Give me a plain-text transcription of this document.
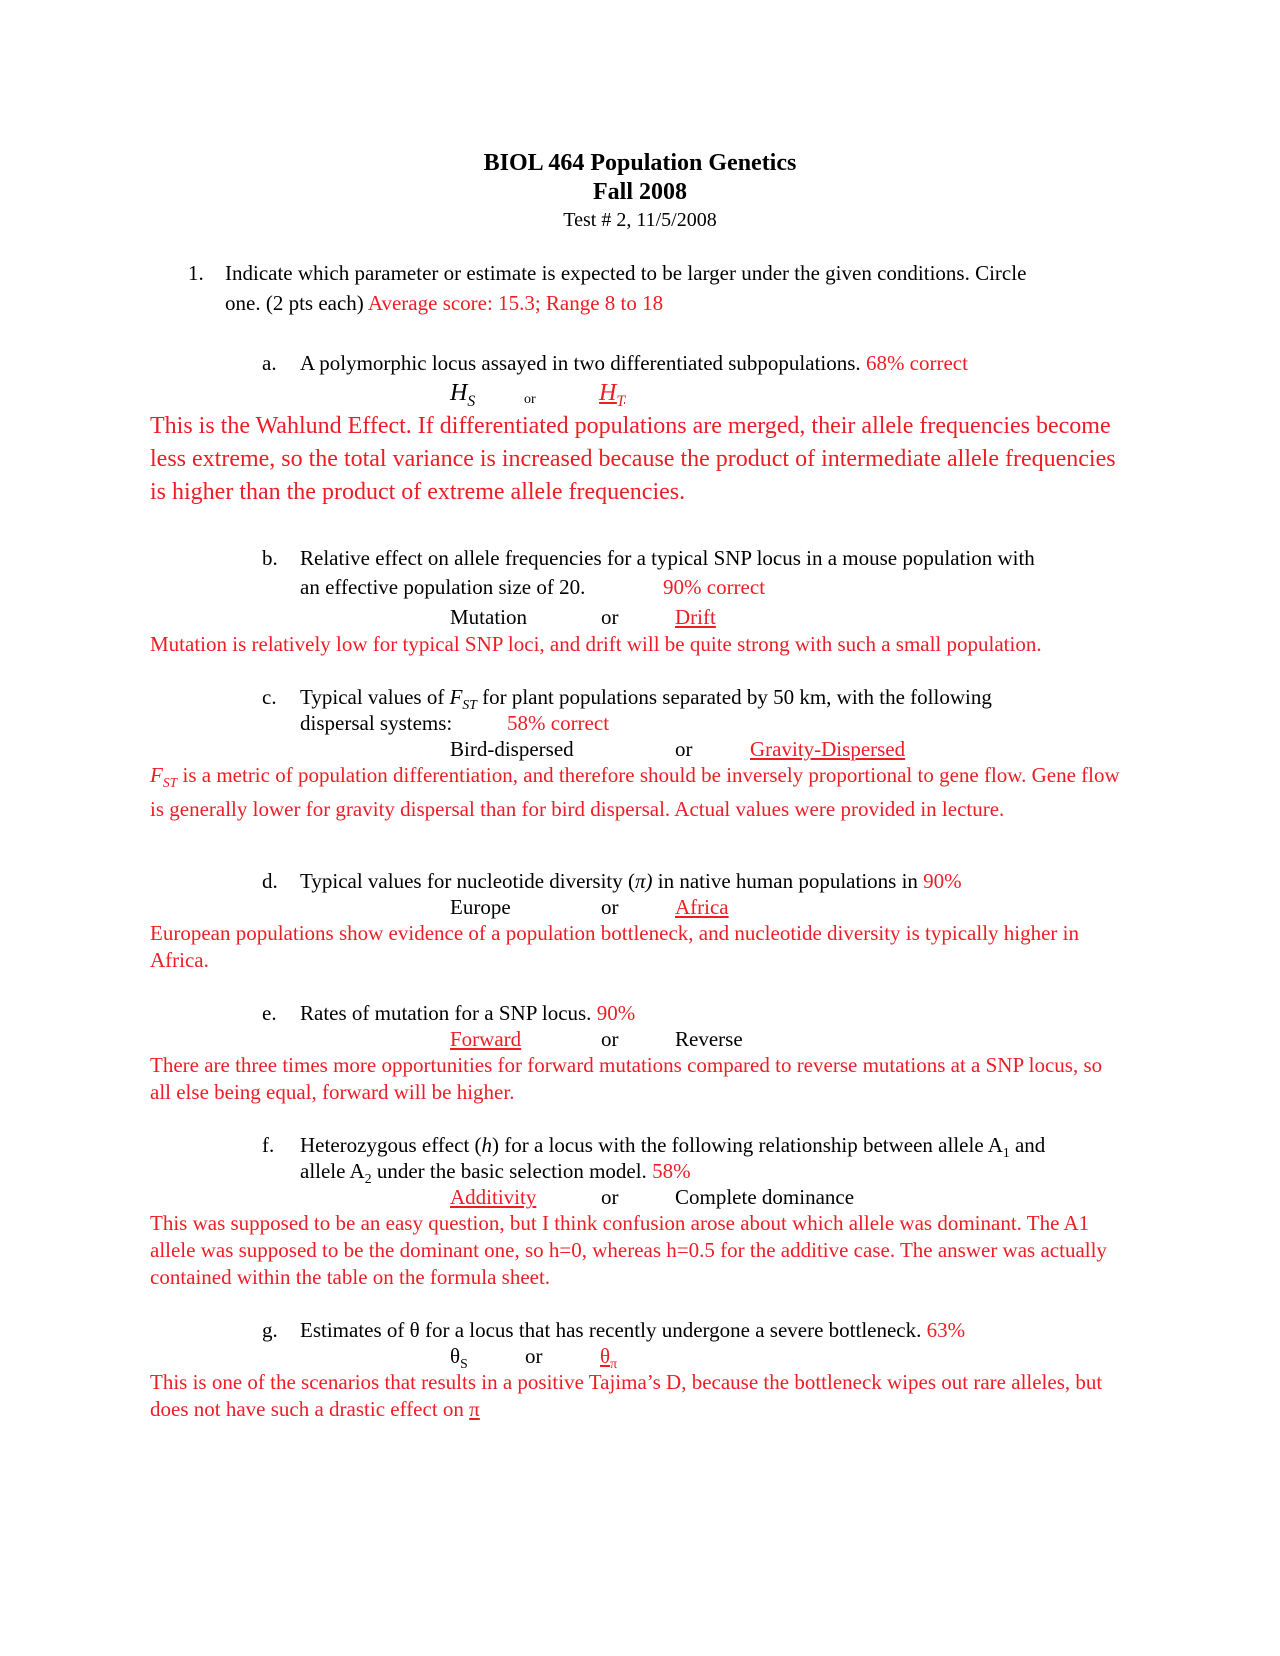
BIOL 464 Population Genetics
Fall 2008
Test # 2, 11/5/2008
1. Indicate which parameter or estimate is expected to be larger under the given conditions. Circle
one. (2 pts each) Average score: 15.3; Range 8 to 18
a. A polymorphic locus assayed in two differentiated subpopulations. 68% correct
$H_S$	or	$H_T$
This is the Wahlund Effect. If differentiated populations are merged, their allele frequencies become less extreme, so the total variance is increased because the product of intermediate allele frequencies is higher than the product of extreme allele frequencies.
b. Relative effect on allele frequencies for a typical SNP locus in a mouse population with
an effective population size of 20.	90% correct
Mutation	or	Drift
Mutation is relatively low for typical SNP loci, and drift will be quite strong with such a small population.
c. Typical values of $F_{ST}$ for plant populations separated by 50 km, with the following
dispersal systems:	58% correct
Bird-dispersed	or	Gravity-Dispersed
$F_{ST}$ is a metric of population differentiation, and therefore should be inversely proportional to gene flow. Gene flow is generally lower for gravity dispersal than for bird dispersal. Actual values were provided in lecture.
d. Typical values for nucleotide diversity (π) in native human populations in 90%
Europe	or	Africa
European populations show evidence of a population bottleneck, and nucleotide diversity is typically higher in Africa.
e. Rates of mutation for a SNP locus. 90%
Forward	or	Reverse
There are three times more opportunities for forward mutations compared to reverse mutations at a SNP locus, so all else being equal, forward will be higher.
f. Heterozygous effect (h) for a locus with the following relationship between allele $A_1$ and
allele $A_2$ under the basic selection model. 58%
Additivity	or	Complete dominance
This was supposed to be an easy question, but I think confusion arose about which allele was dominant. The A1 allele was supposed to be the dominant one, so h=0, whereas h=0.5 for the additive case. The answer was actually contained within the table on the formula sheet.
g. Estimates of θ for a locus that has recently undergone a severe bottleneck. 63%
$\theta_S$	or	$\theta_\pi$
This is one of the scenarios that results in a positive Tajima’s D, because the bottleneck wipes out rare alleles, but does not have such a drastic effect on π
